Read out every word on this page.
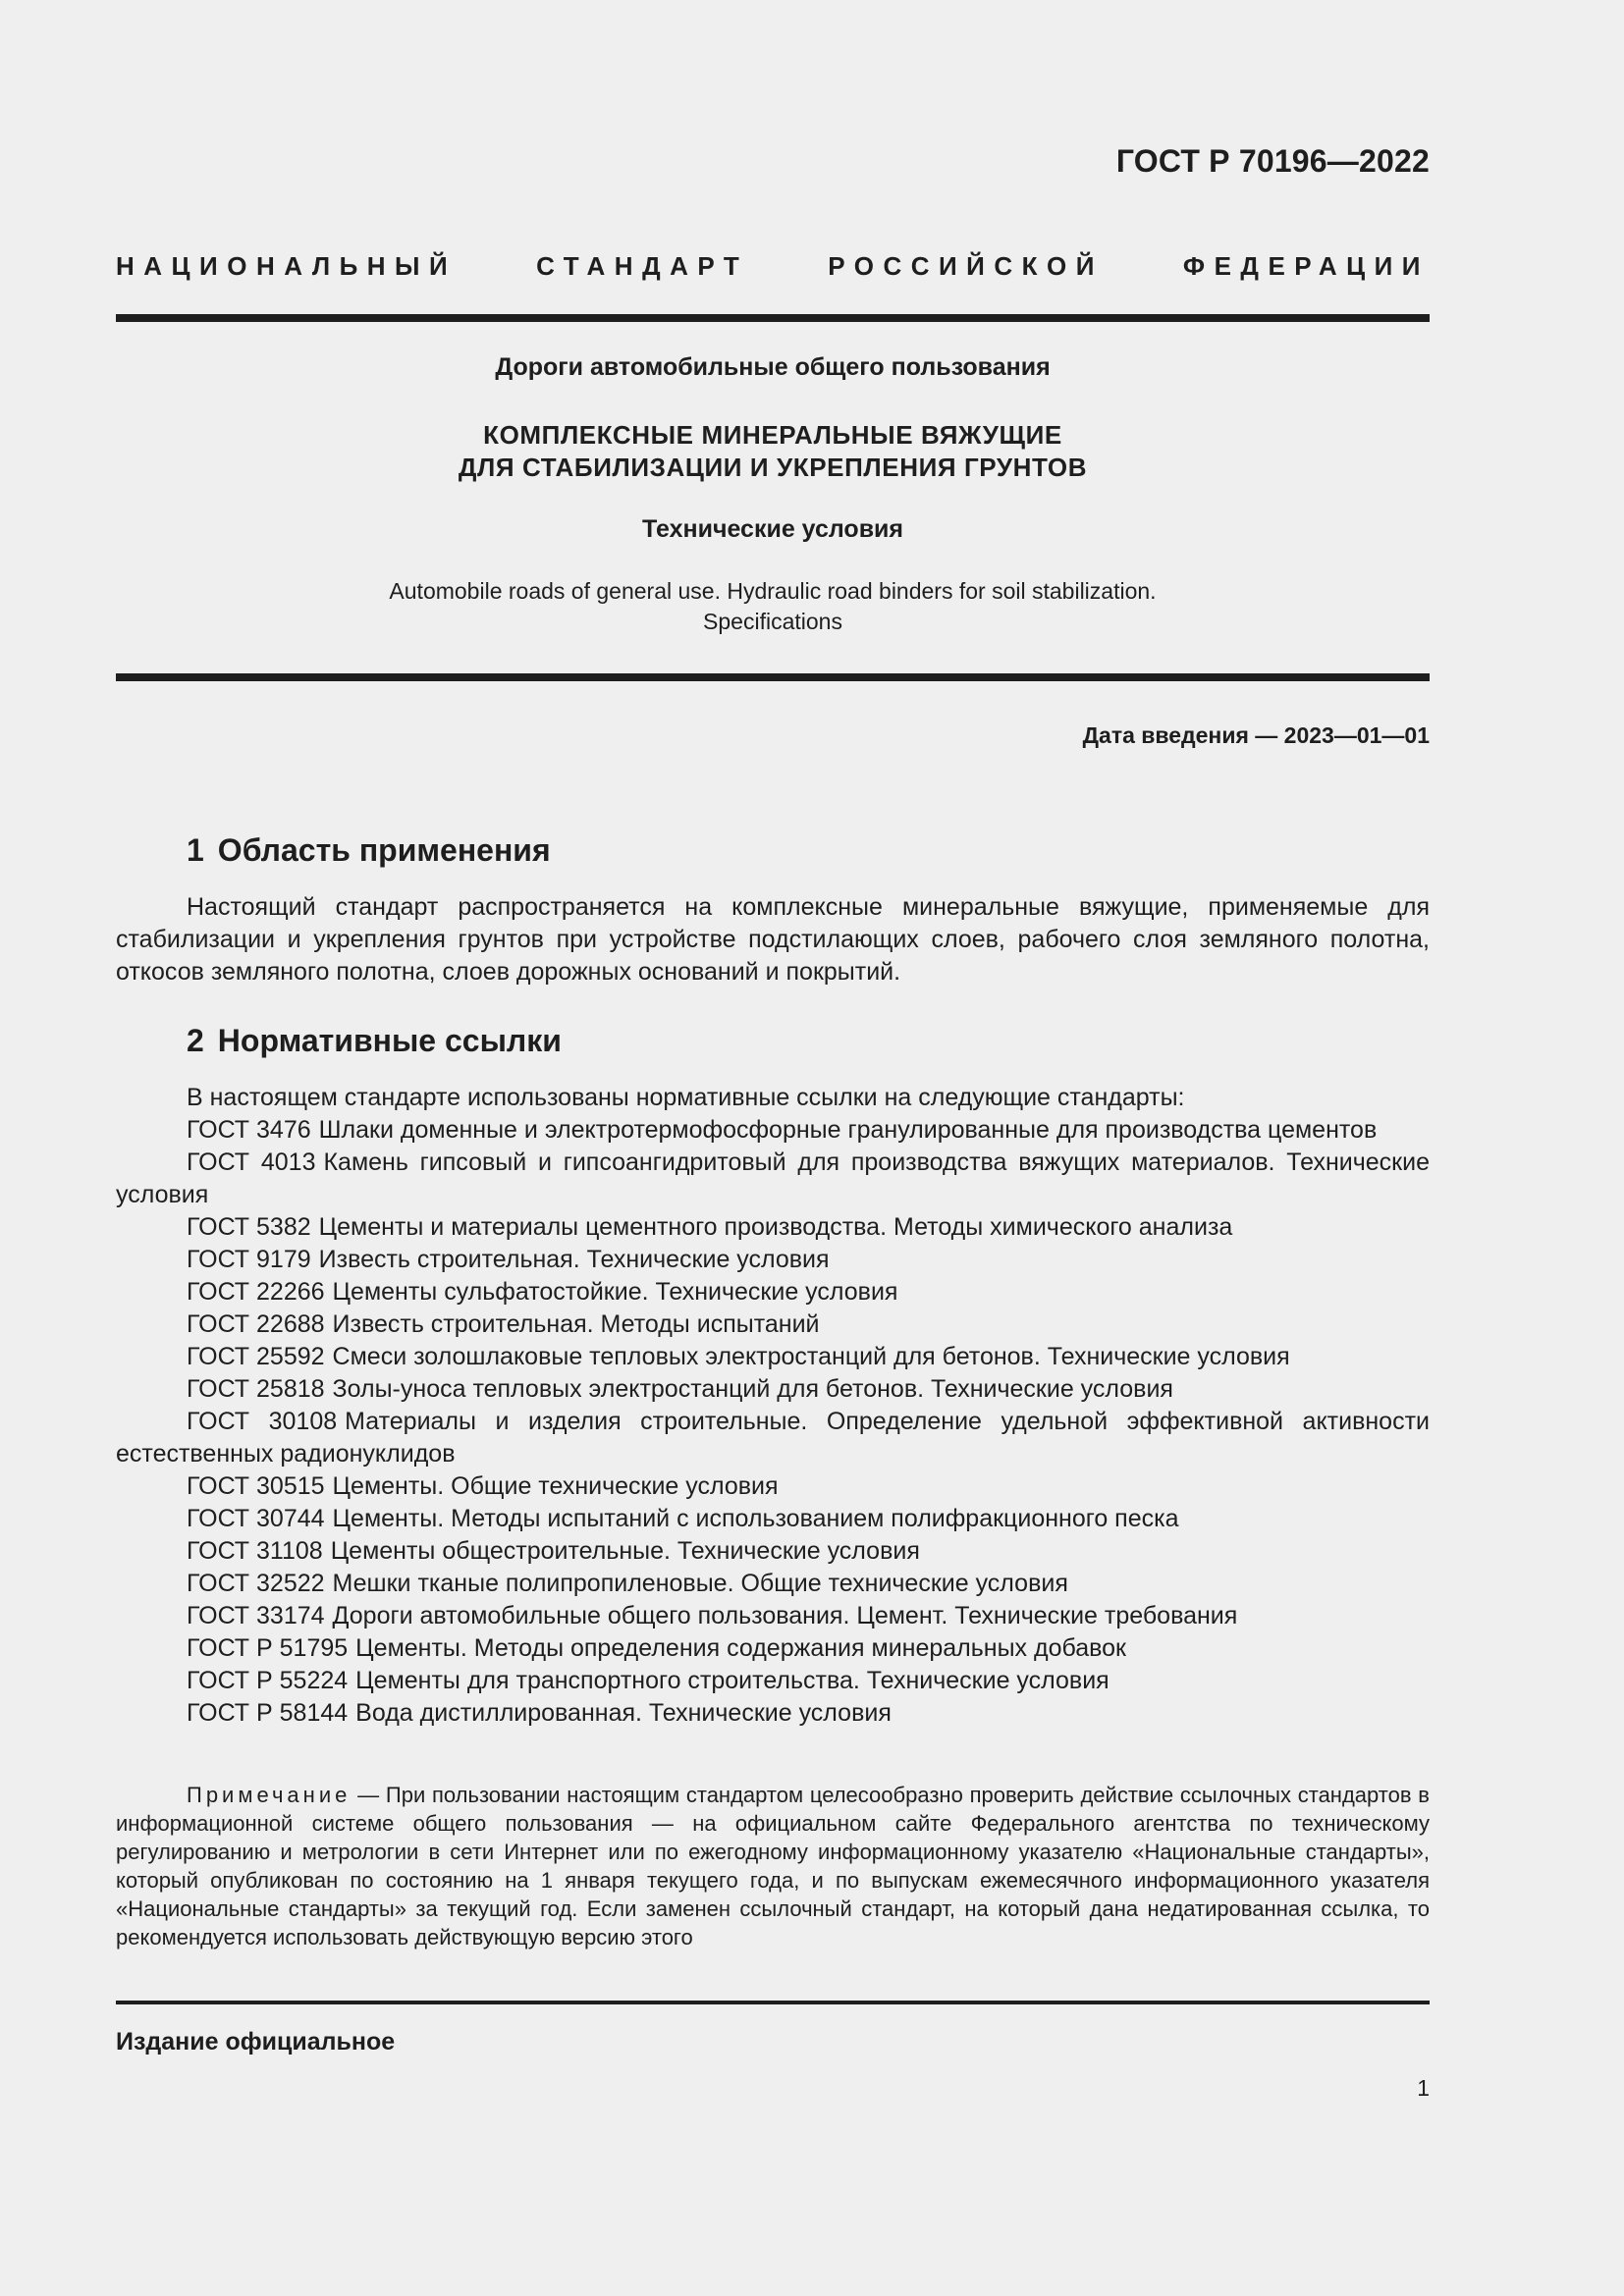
ГОСТ Р 70196—2022
НАЦИОНАЛЬНЫЙ СТАНДАРТ РОССИЙСКОЙ ФЕДЕРАЦИИ
Дороги автомобильные общего пользования
КОМПЛЕКСНЫЕ МИНЕРАЛЬНЫЕ ВЯЖУЩИЕ
ДЛЯ СТАБИЛИЗАЦИИ И УКРЕПЛЕНИЯ ГРУНТОВ
Технические условия
Automobile roads of general use. Hydraulic road binders for soil stabilization.
Specifications
Дата введения — 2023—01—01
1 Область применения
Настоящий стандарт распространяется на комплексные минеральные вяжущие, применяемые для стабилизации и укрепления грунтов при устройстве подстилающих слоев, рабочего слоя земляного полотна, откосов земляного полотна, слоев дорожных оснований и покрытий.
2 Нормативные ссылки

В настоящем стандарте использованы нормативные ссылки на следующие стандарты:

ГОСТ 3476 Шлаки доменные и электротермофосфорные гранулированные для производства цементов

ГОСТ 4013 Камень гипсовый и гипсоангидритовый для производства вяжущих материалов. Технические условия

ГОСТ 5382 Цементы и материалы цементного производства. Методы химического анализа

ГОСТ 9179 Известь строительная. Технические условия

ГОСТ 22266 Цементы сульфатостойкие. Технические условия

ГОСТ 22688 Известь строительная. Методы испытаний

ГОСТ 25592 Смеси золошлаковые тепловых электростанций для бетонов. Технические условия

ГОСТ 25818 Золы-уноса тепловых электростанций для бетонов. Технические условия

ГОСТ 30108 Материалы и изделия строительные. Определение удельной эффективной активности естественных радионуклидов

ГОСТ 30515 Цементы. Общие технические условия

ГОСТ 30744 Цементы. Методы испытаний с использованием полифракционного песка

ГОСТ 31108 Цементы общестроительные. Технические условия

ГОСТ 32522 Мешки тканые полипропиленовые. Общие технические условия

ГОСТ 33174 Дороги автомобильные общего пользования. Цемент. Технические требования

ГОСТ Р 51795 Цементы. Методы определения содержания минеральных добавок

ГОСТ Р 55224 Цементы для транспортного строительства. Технические условия

ГОСТ Р 58144 Вода дистиллированная. Технические условия

Примечание — При пользовании настоящим стандартом целесообразно проверить действие ссылочных стандартов в информационной системе общего пользования — на официальном сайте Федерального агентства по техническому регулированию и метрологии в сети Интернет или по ежегодному информационному указателю «Национальные стандарты», который опубликован по состоянию на 1 января текущего года, и по выпускам ежемесячного информационного указателя «Национальные стандарты» за текущий год. Если заменен ссылочный стандарт, на который дана недатированная ссылка, то рекомендуется использовать действующую версию этого
Издание официальное
1
